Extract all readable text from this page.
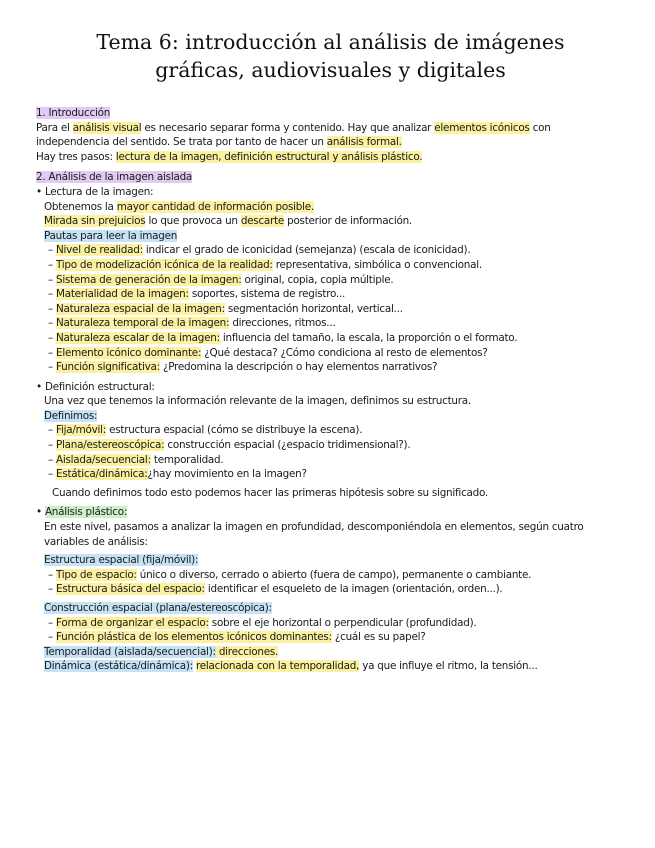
Tema 6: introducción al análisis de imágenes
gráficas, audiovisuales y digitales
1. Introducción
Para el análisis visual es necesario separar forma y contenido. Hay que analizar elementos icónicos con independencia del sentido. Se trata por tanto de hacer un análisis formal.
Hay tres pasos: lectura de la imagen, definición estructural y análisis plástico.
2. Análisis de la imagen aislada
• Lectura de la imagen:
Obtenemos la mayor cantidad de información posible.
Mirada sin prejuicios lo que provoca un descarte posterior de información.
Pautas para leer la imagen
– Nivel de realidad: indicar el grado de iconicidad (semejanza) (escala de iconicidad).
– Tipo de modelización icónica de la realidad: representativa, simbólica o convencional.
– Sistema de generación de la imagen: original, copia, copia múltiple.
– Materialidad de la imagen: soportes, sistema de registro...
– Naturaleza espacial de la imagen: segmentación horizontal, vertical...
– Naturaleza temporal de la imagen: direcciones, ritmos...
– Naturaleza escalar de la imagen: influencia del tamaño, la escala, la proporción o el formato.
– Elemento icónico dominante: ¿Qué destaca? ¿Cómo condiciona al resto de elementos?
– Función significativa: ¿Predomina la descripción o hay elementos narrativos?
• Definición estructural:
Una vez que tenemos la información relevante de la imagen, definimos su estructura.
Definimos:
– Fija/móvil: estructura espacial (cómo se distribuye la escena).
– Plana/estereoscópica: construcción espacial (¿espacio tridimensional?).
– Aislada/secuencial: temporalidad.
– Estática/dinámica:¿hay movimiento en la imagen?
Cuando definimos todo esto podemos hacer las primeras hipótesis sobre su significado.
• Análisis plástico:
En este nivel, pasamos a analizar la imagen en profundidad, descomponiéndola en elementos, según cuatro variables de análisis:
Estructura espacial (fija/móvil):
– Tipo de espacio: único o diverso, cerrado o abierto (fuera de campo), permanente o cambiante.
– Estructura básica del espacio: identificar el esqueleto de la imagen (orientación, orden...).
Construcción espacial (plana/estereoscópica):
– Forma de organizar el espacio: sobre el eje horizontal o perpendicular (profundidad).
– Función plástica de los elementos icónicos dominantes: ¿cuál es su papel?
Temporalidad (aislada/secuencial): direcciones.
Dinámica (estática/dinámica): relacionada con la temporalidad, ya que influye el ritmo, la tensión...
